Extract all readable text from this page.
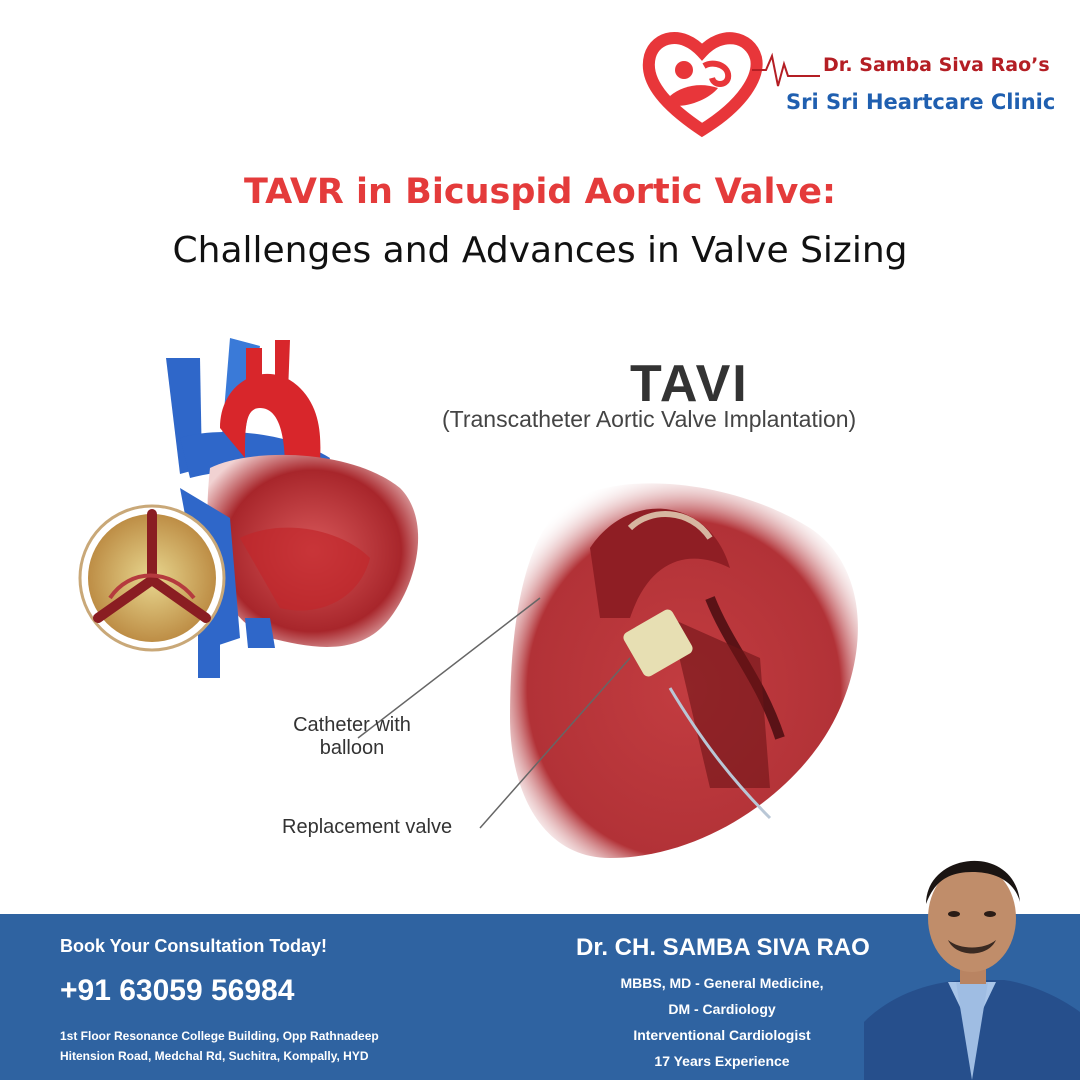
Dr. Samba Siva Rao’s
Sri Sri Heartcare Clinic
TAVR in Bicuspid Aortic Valve:
Challenges and Advances in Valve Sizing
TAVI
(Transcatheter Aortic Valve Implantation)
Catheter with
balloon
Replacement valve
Book Your Consultation Today!
+91 63059 56984
1st Floor Resonance College Building, Opp Rathnadeep
Hitension Road, Medchal Rd, Suchitra, Kompally, HYD
Dr. CH. SAMBA SIVA RAO
MBBS, MD - General Medicine,
DM - Cardiology
Interventional Cardiologist
17 Years Experience
